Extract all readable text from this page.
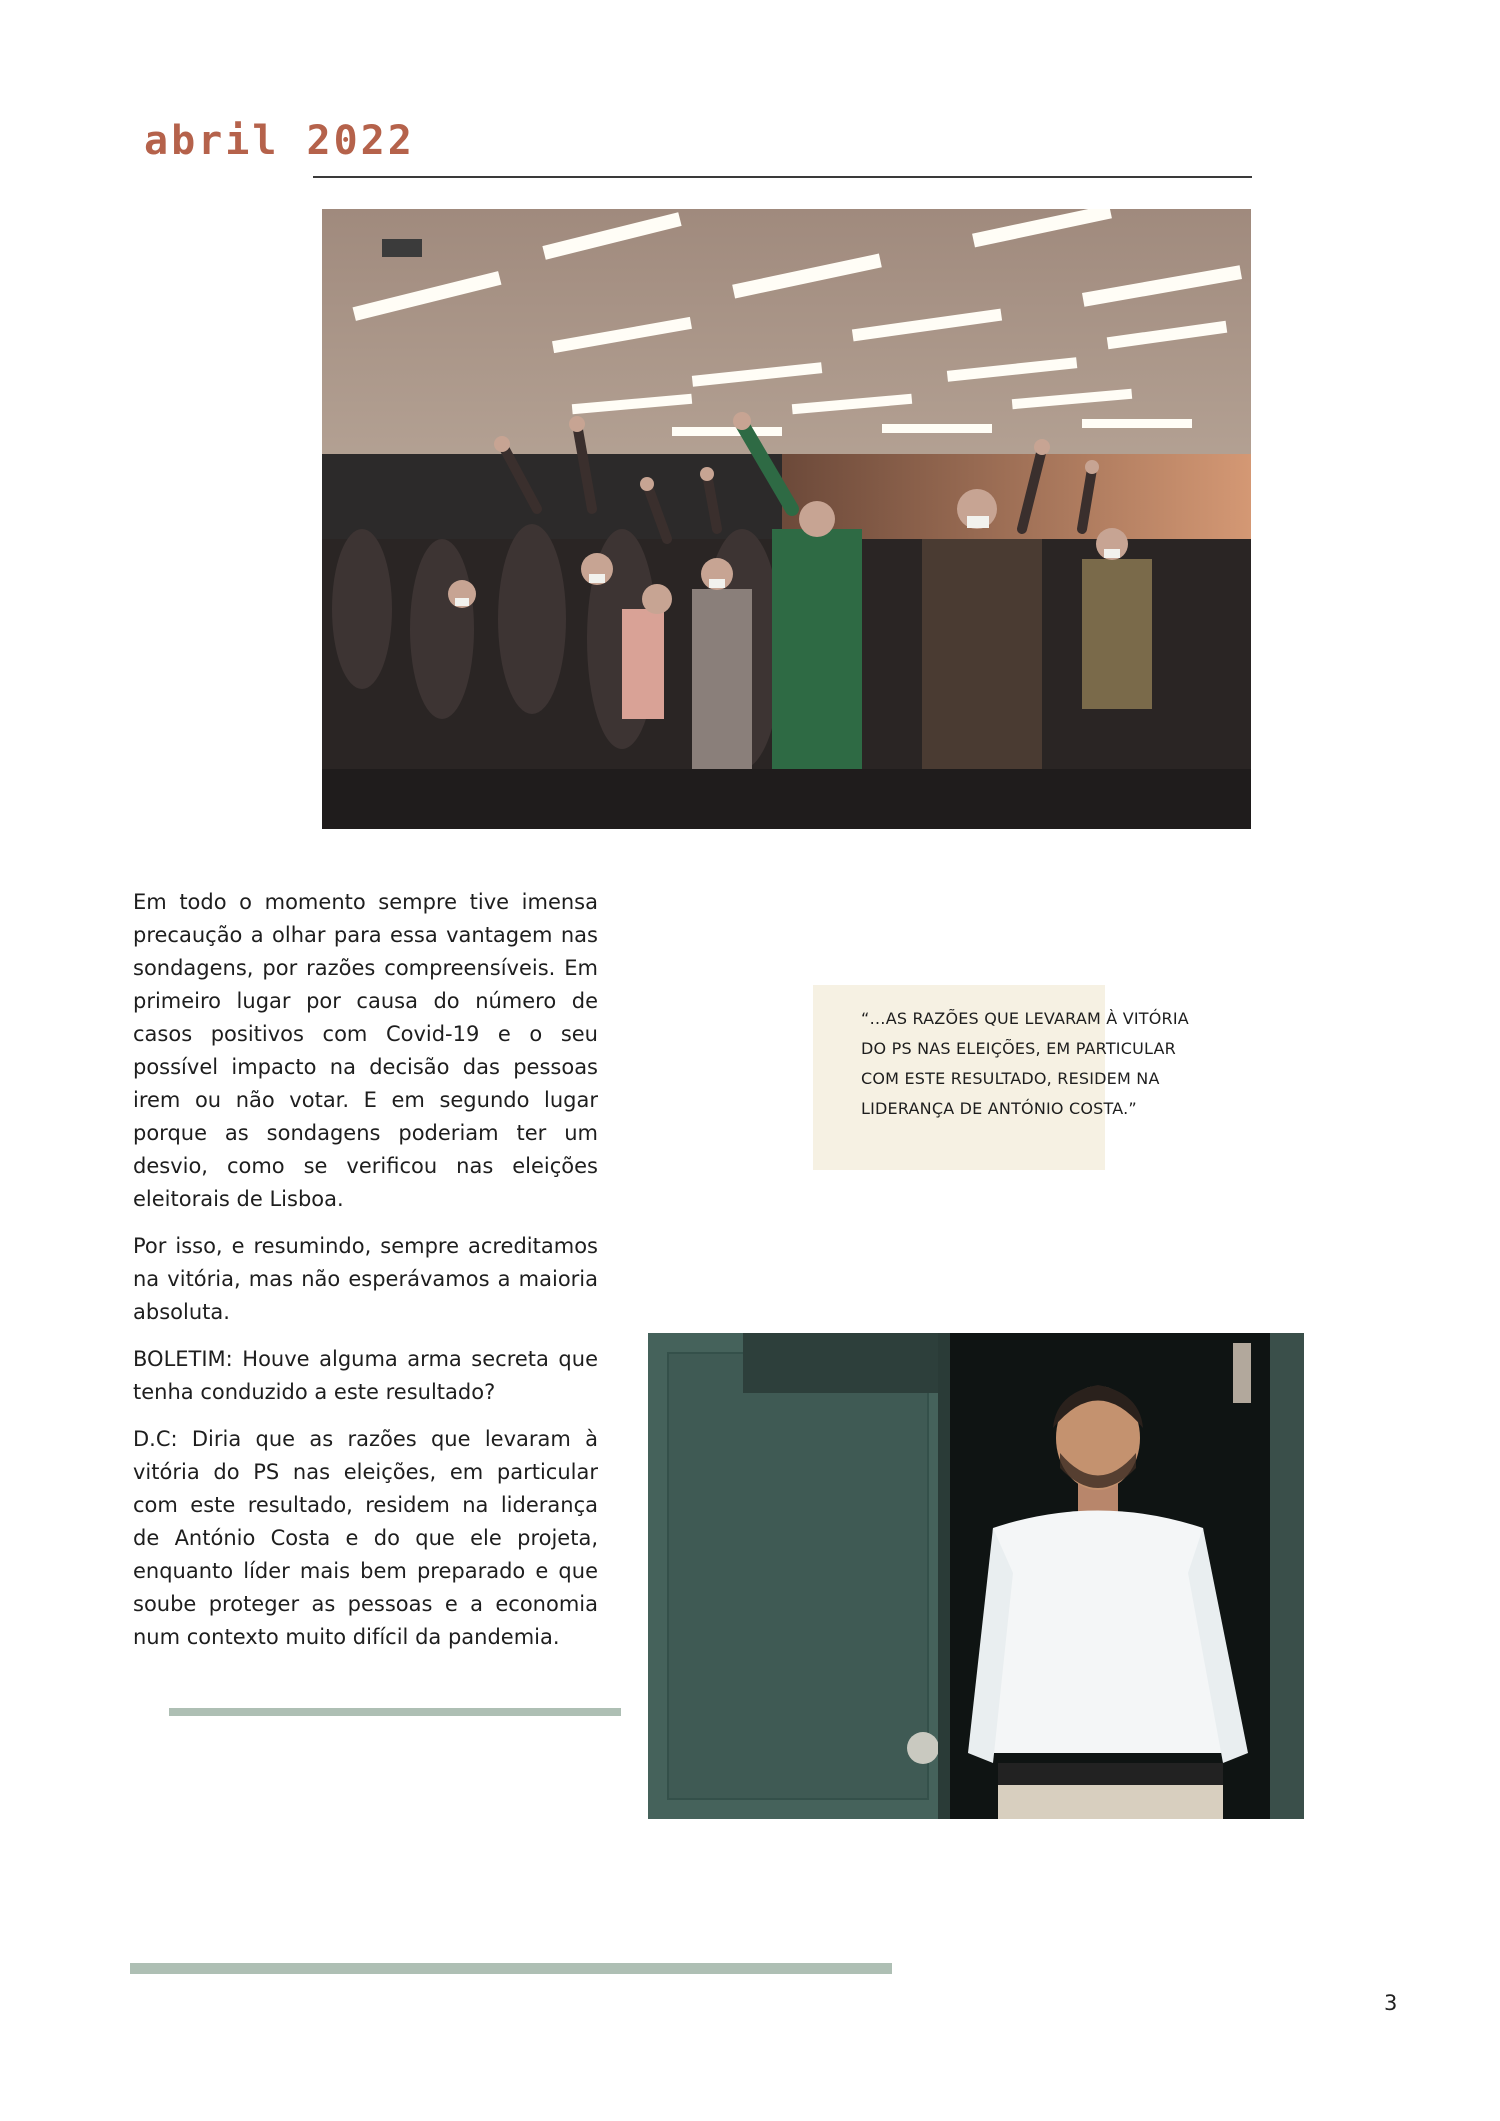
abril 2022

Em todo o momento sempre tive imensa precaução a olhar para essa vantagem nas sondagens, por razões compreensíveis. Em primeiro lugar por causa do número de casos positivos com Covid-19 e o seu possível impacto na decisão das pessoas irem ou não votar. E em segundo lugar porque as sondagens poderiam ter um desvio, como se verificou nas eleições eleitorais de Lisboa.

Por isso, e resumindo, sempre acreditamos na vitória, mas não esperávamos a maioria absoluta.

BOLETIM: Houve alguma arma secreta que tenha conduzido a este resultado?

D.C: Diria que as razões que levaram à vitória do PS nas eleições, em particular com este resultado, residem na liderança de António Costa e do que ele projeta, enquanto líder mais bem preparado e que soube proteger as pessoas e a economia num contexto muito difícil da pandemia.

“…AS RAZÕES QUE LEVARAM À VITÓRIA DO PS NAS ELEIÇÕES, EM PARTICULAR COM ESTE RESULTADO, RESIDEM NA LIDERANÇA DE ANTÓNIO COSTA.”
3
